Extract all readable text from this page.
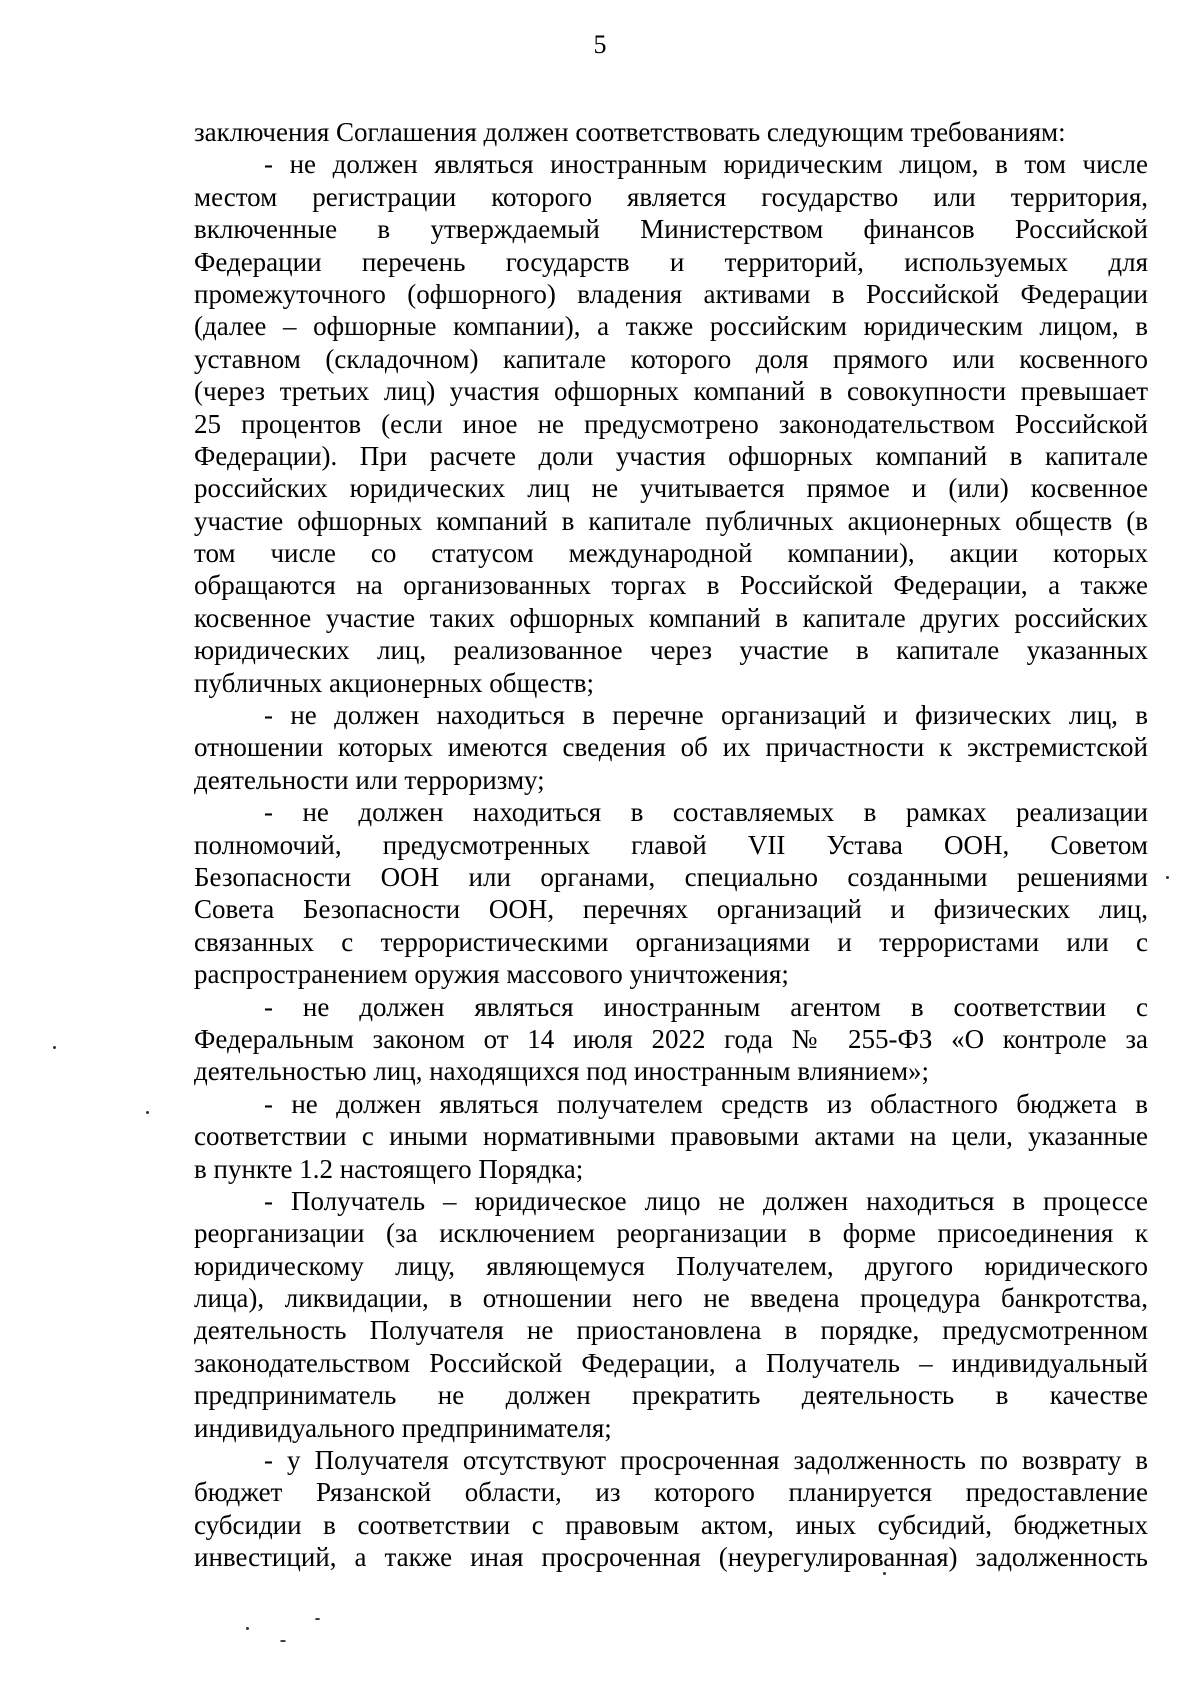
5
заключения Соглашения должен соответствовать следующим требованиям:
- не должен являться иностранным юридическим лицом, в том числе
местом регистрации которого является государство или территория,
включенные в утверждаемый Министерством финансов Российской
Федерации перечень государств и территорий, используемых для
промежуточного (офшорного) владения активами в Российской Федерации
(далее – офшорные компании), а также российским юридическим лицом, в
уставном (складочном) капитале которого доля прямого или косвенного
(через третьих лиц) участия офшорных компаний в совокупности превышает
25 процентов (если иное не предусмотрено законодательством Российской
Федерации). При расчете доли участия офшорных компаний в капитале
российских юридических лиц не учитывается прямое и (или) косвенное
участие офшорных компаний в капитале публичных акционерных обществ (в
том числе со статусом международной компании), акции которых
обращаются на организованных торгах в Российской Федерации, а также
косвенное участие таких офшорных компаний в капитале других российских
юридических лиц, реализованное через участие в капитале указанных
публичных акционерных обществ;
- не должен находиться в перечне организаций и физических лиц, в
отношении которых имеются сведения об их причастности к экстремистской
деятельности или терроризму;
- не должен находиться в составляемых в рамках реализации
полномочий, предусмотренных главой VII Устава ООН, Советом
Безопасности ООН или органами, специально созданными решениями
Совета Безопасности ООН, перечнях организаций и физических лиц,
связанных с террористическими организациями и террористами или с
распространением оружия массового уничтожения;
- не должен являться иностранным агентом в соответствии с
Федеральным законом от 14 июля 2022 года № 255-ФЗ «О контроле за
деятельностью лиц, находящихся под иностранным влиянием»;
- не должен являться получателем средств из областного бюджета в
соответствии с иными нормативными правовыми актами на цели, указанные
в пункте 1.2 настоящего Порядка;
- Получатель – юридическое лицо не должен находиться в процессе
реорганизации (за исключением реорганизации в форме присоединения к
юридическому лицу, являющемуся Получателем, другого юридического
лица), ликвидации, в отношении него не введена процедура банкротства,
деятельность Получателя не приостановлена в порядке, предусмотренном
законодательством Российской Федерации, а Получатель – индивидуальный
предприниматель не должен прекратить деятельность в качестве
индивидуального предпринимателя;
- у Получателя отсутствуют просроченная задолженность по возврату в
бюджет Рязанской области, из которого планируется предоставление
субсидии в соответствии с правовым актом, иных субсидий, бюджетных
инвестиций, а также иная просроченная (неурегулированная) задолженность
